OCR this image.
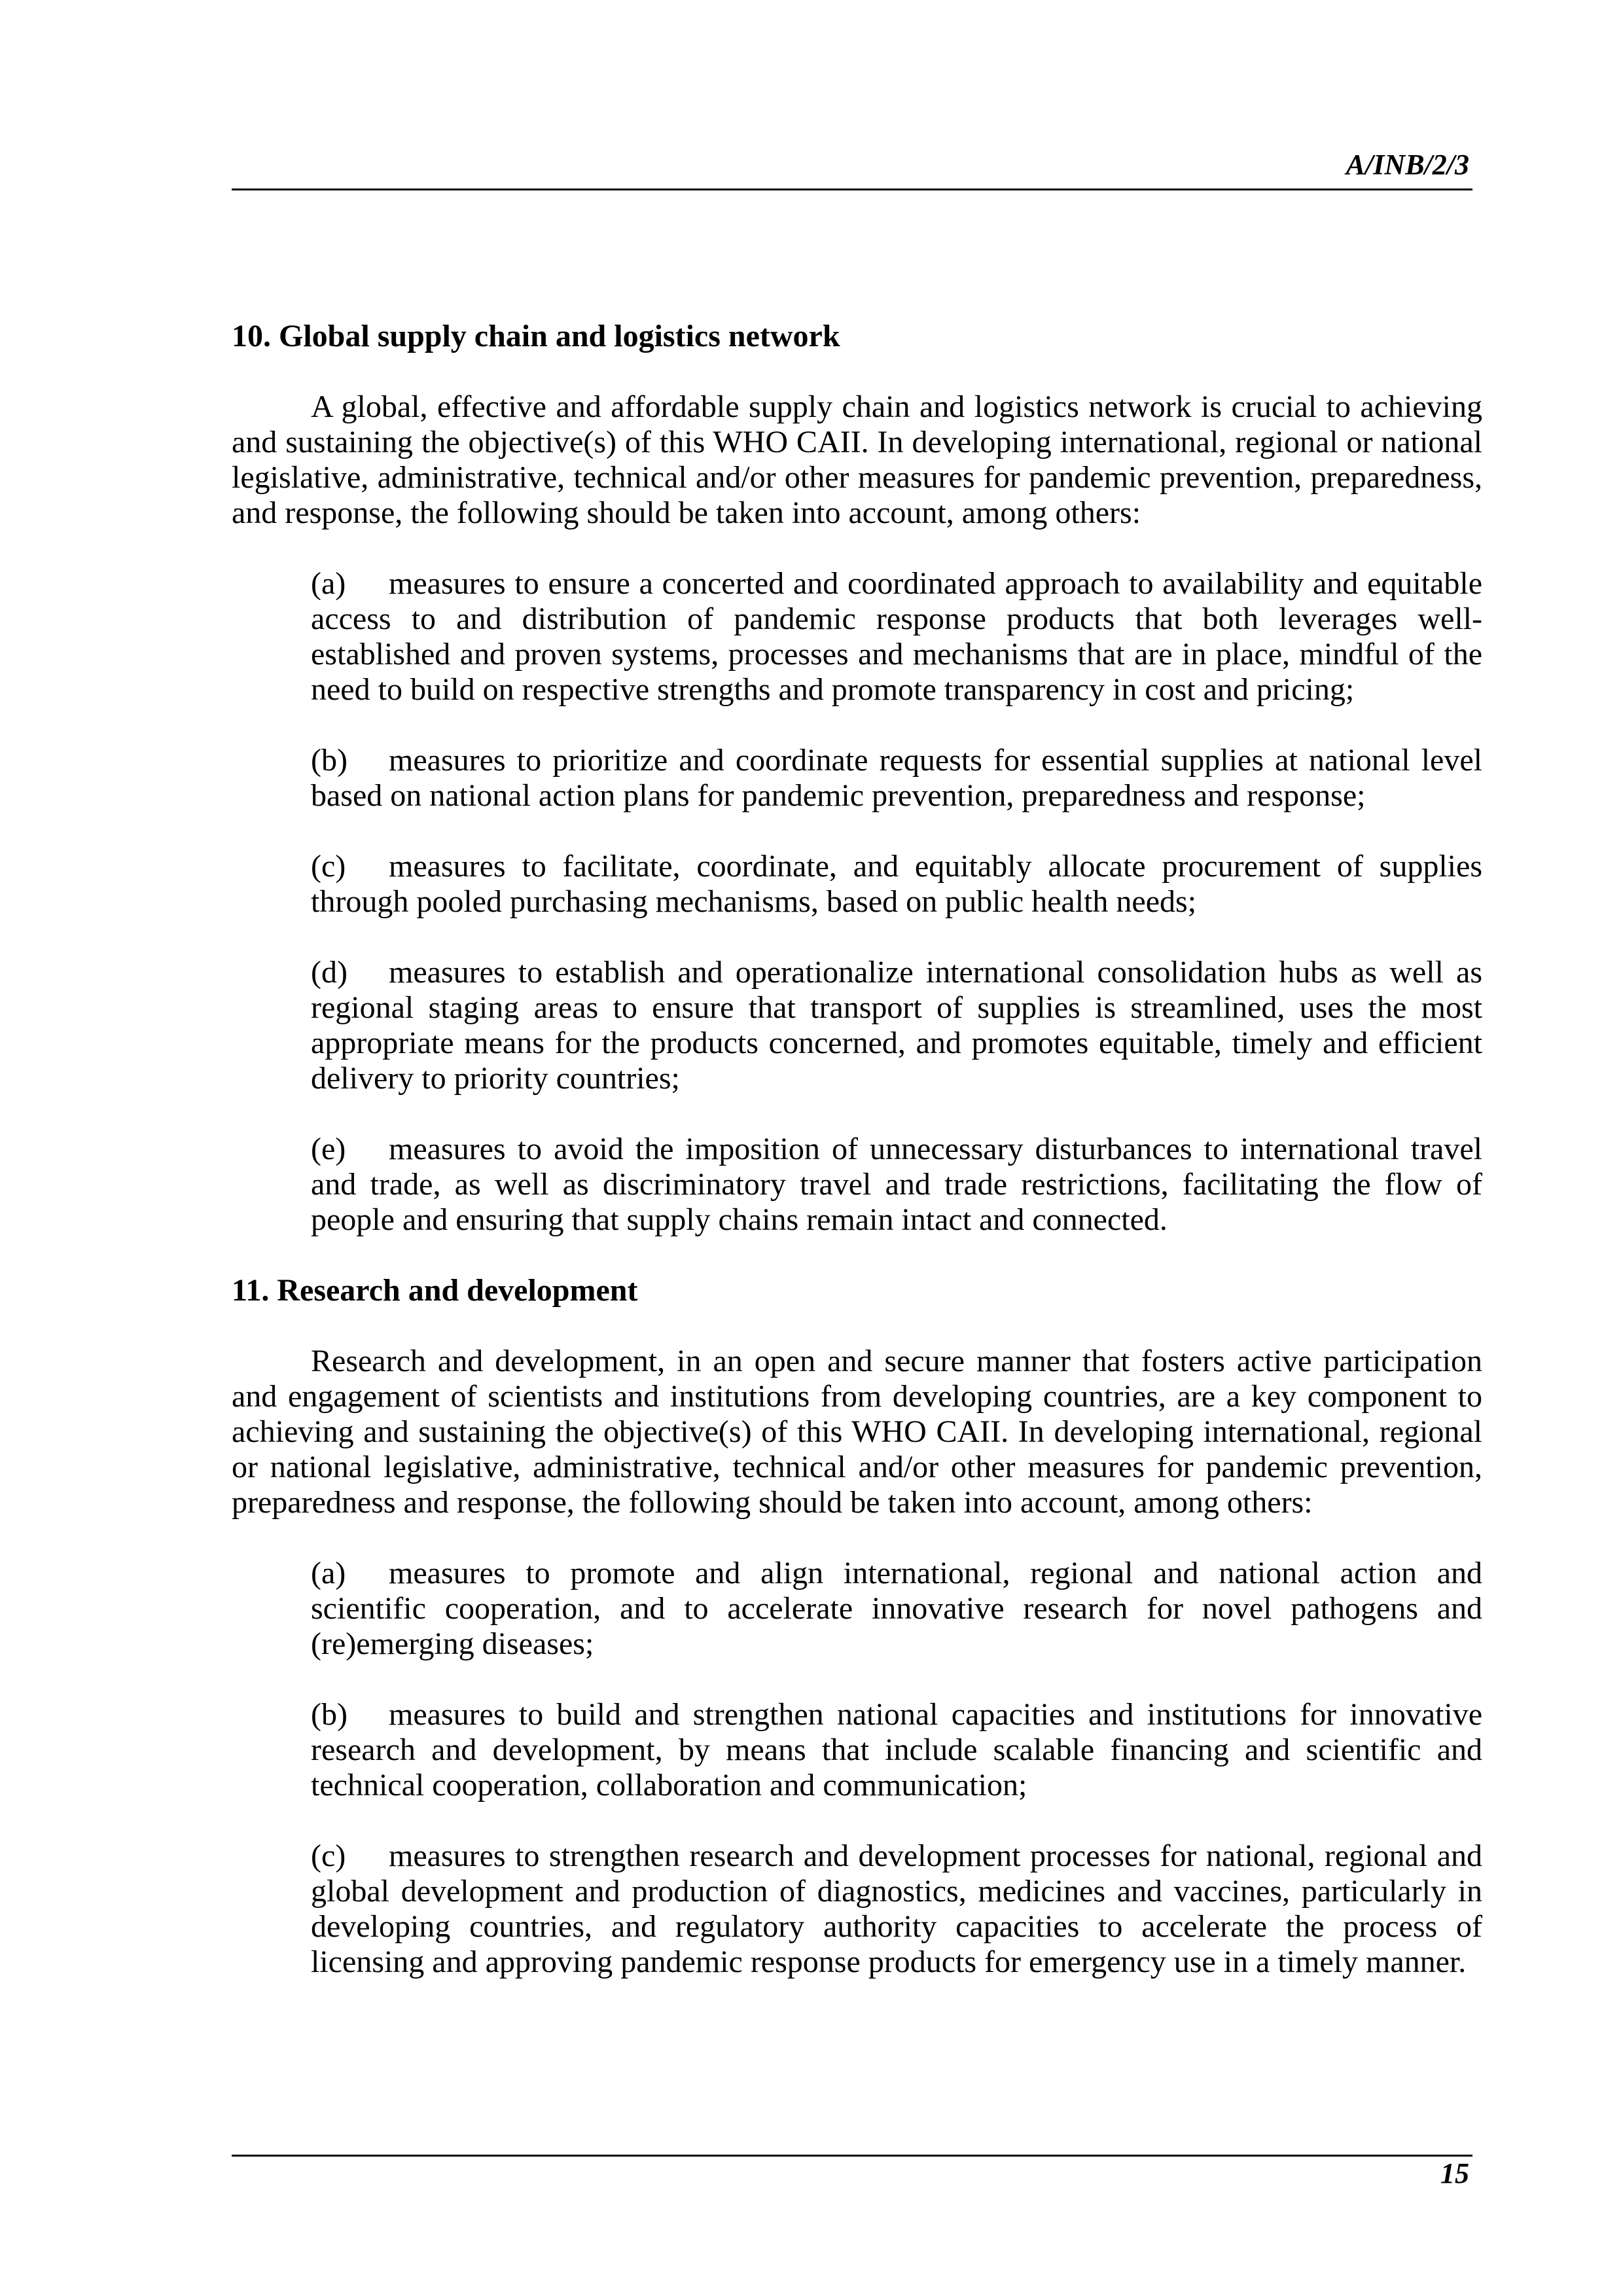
A/INB/2/3
10. Global supply chain and logistics network

A global, effective and affordable supply chain and logistics network is crucial to achieving and sustaining the objective(s) of this WHO CAII. In developing international, regional or national legislative, administrative, technical and/or other measures for pandemic prevention, preparedness, and response, the following should be taken into account, among others:

(a) measures to ensure a concerted and coordinated approach to availability and equitable access to and distribution of pandemic response products that both leverages well-established and proven systems, processes and mechanisms that are in place, mindful of the need to build on respective strengths and promote transparency in cost and pricing;

(b) measures to prioritize and coordinate requests for essential supplies at national level based on national action plans for pandemic prevention, preparedness and response;

(c) measures to facilitate, coordinate, and equitably allocate procurement of supplies through pooled purchasing mechanisms, based on public health needs;

(d) measures to establish and operationalize international consolidation hubs as well as regional staging areas to ensure that transport of supplies is streamlined, uses the most appropriate means for the products concerned, and promotes equitable, timely and efficient delivery to priority countries;

(e) measures to avoid the imposition of unnecessary disturbances to international travel and trade, as well as discriminatory travel and trade restrictions, facilitating the flow of people and ensuring that supply chains remain intact and connected.

11. Research and development

Research and development, in an open and secure manner that fosters active participation and engagement of scientists and institutions from developing countries, are a key component to achieving and sustaining the objective(s) of this WHO CAII. In developing international, regional or national legislative, administrative, technical and/or other measures for pandemic prevention, preparedness and response, the following should be taken into account, among others:

(a) measures to promote and align international, regional and national action and scientific cooperation, and to accelerate innovative research for novel pathogens and (re)emerging diseases;

(b) measures to build and strengthen national capacities and institutions for innovative research and development, by means that include scalable financing and scientific and technical cooperation, collaboration and communication;

(c) measures to strengthen research and development processes for national, regional and global development and production of diagnostics, medicines and vaccines, particularly in developing countries, and regulatory authority capacities to accelerate the process of licensing and approving pandemic response products for emergency use in a timely manner.

15
